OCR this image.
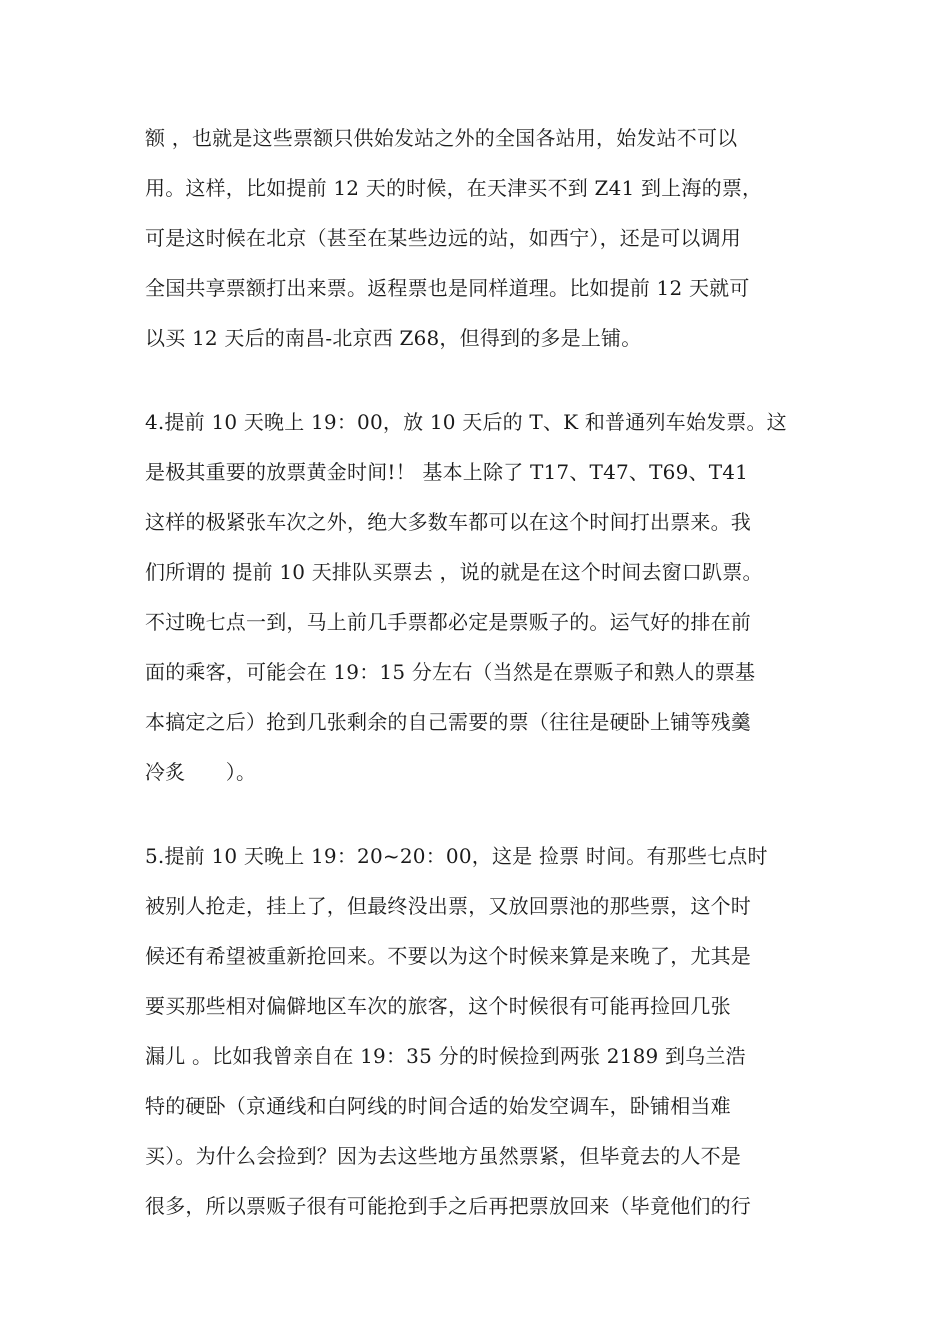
额 ，也就是这些票额只供始发站之外的全国各站用，始发站不可以
用。这样，比如提前 12 天的时候，在天津买不到 Z41 到上海的票，
可是这时候在北京（甚至在某些边远的站，如西宁），还是可以调用
全国共享票额打出来票。返程票也是同样道理。比如提前 12 天就可
以买 12 天后的南昌-北京西 Z68，但得到的多是上铺。
4.提前 10 天晚上 19：00，放 10 天后的 T、K 和普通列车始发票。这
是极其重要的放票黄金时间!！ 基本上除了 T17、T47、T69、T41
这样的极紧张车次之外，绝大多数车都可以在这个时间打出票来。我
们所谓的 提前 10 天排队买票去 ，说的就是在这个时间去窗口趴票。
不过晚七点一到，马上前几手票都必定是票贩子的。运气好的排在前
面的乘客，可能会在 19：15 分左右（当然是在票贩子和熟人的票基
本搞定之后）抢到几张剩余的自己需要的票（往往是硬卧上铺等残羹
冷炙　　）。
5.提前 10 天晚上 19：20~20：00，这是 捡票 时间。有那些七点时
被别人抢走，挂上了，但最终没出票，又放回票池的那些票，这个时
候还有希望被重新抢回来。不要以为这个时候来算是来晚了，尤其是
要买那些相对偏僻地区车次的旅客，这个时候很有可能再捡回几张
漏儿 。比如我曾亲自在 19：35 分的时候捡到两张 2189 到乌兰浩
特的硬卧（京通线和白阿线的时间合适的始发空调车，卧铺相当难
买）。为什么会捡到？因为去这些地方虽然票紧，但毕竟去的人不是
很多，所以票贩子很有可能抢到手之后再把票放回来（毕竟他们的行
